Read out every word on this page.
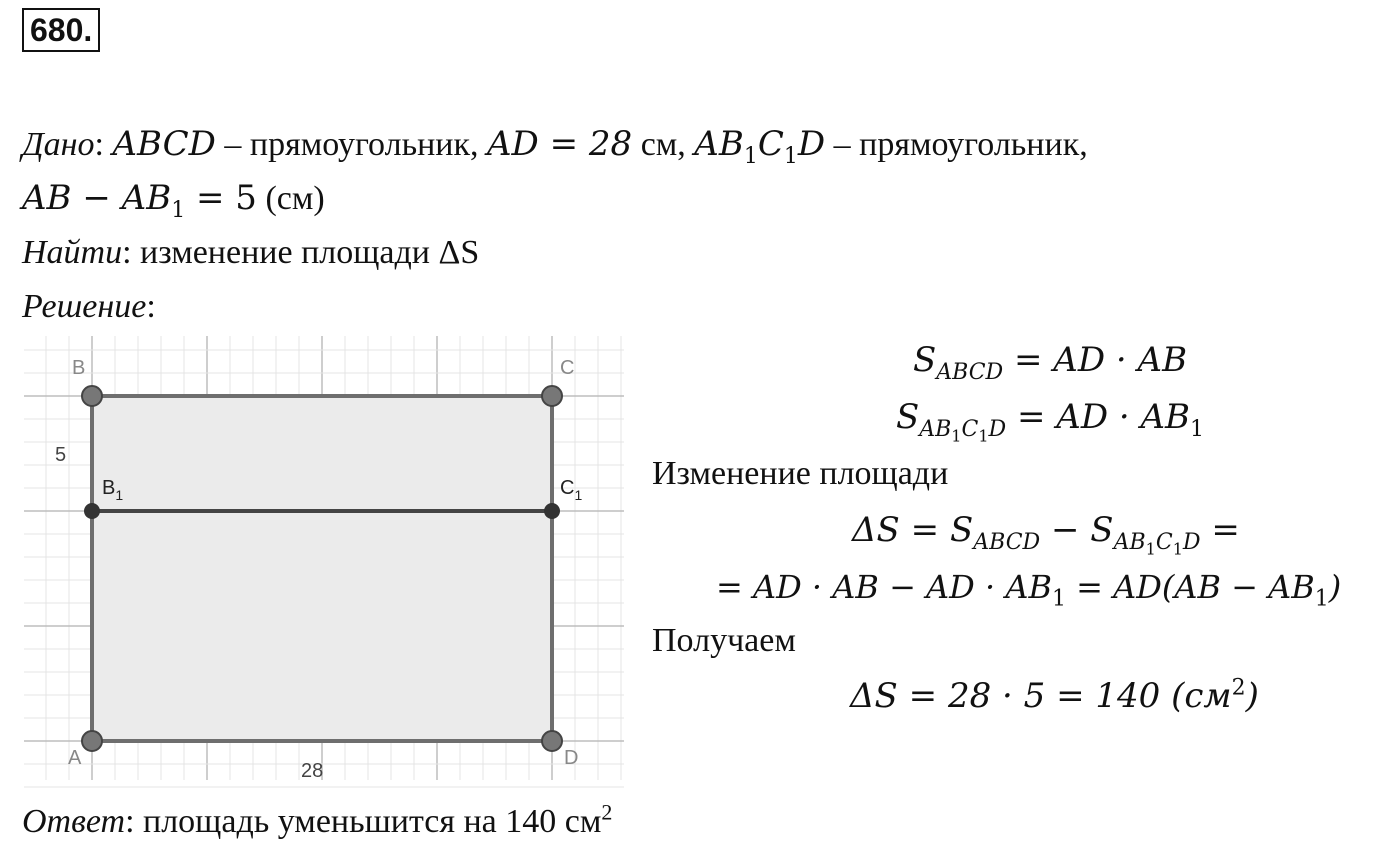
680.
Дано: ABCD – прямоугольник, AD = 28 см, $AB_1C_1D$ – прямоугольник,
AB − $AB_1 = 5$ (см)
Найти: изменение площади ΔS
Решение:
B	C
A	D
$B_1$	$C_1$
5
28
$S_{ABCD}$ = AD · AB
$S_{AB_1C_1D}$ = AD · $AB_1$
Изменение площади
$\Delta S = S_{ABCD} - S_{AB_1C_1D}$ =
= AD · AB − AD · $AB_1 = AD(AB - AB_1)$
Получаем
ΔS = 28 · 5 = 140 $(см^2)$
Ответ: площадь уменьшится на 140 $см^2$
